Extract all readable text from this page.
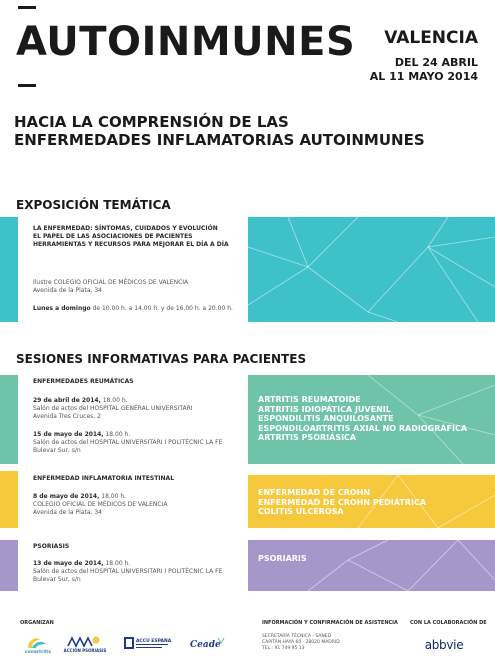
AUTOINMUNES VALENCIA
DEL 24 ABRIL
AL 11 MAYO 2014
HACIA LA COMPRENSIÓN DE LAS
ENFERMEDADES INFLAMATORIAS AUTOINMUNES
EXPOSICIÓN TEMÁTICA
LA ENFERMEDAD: SÍNTOMAS, CUIDADOS Y EVOLUCIÓN
EL PAPEL DE LAS ASOCIACIONES DE PACIENTES
HERRAMIENTAS Y RECURSOS PARA MEJORAR EL DÍA A DÍA
Ilustre COLEGIO OFICIAL DE MÉDICOS DE VALENCIA
Avenida de la Plata, 34
Lunes a domingo de 10.00 h. a 14.00 h. y de 16.00 h. a 20.00 h.
SESIONES INFORMATIVAS PARA PACIENTES
ENFERMEDADES REUMÁTICAS
29 de abril de 2014, 18.00 h.
Salón de actos del HOSPITAL GENERAL UNIVERSITARI
Avenida Tres Cruces, 2
15 de mayo de 2014, 18.00 h.
Salón de actos del HOSPITAL UNIVERSITARI I POLITÈCNIC LA FE
Bulevar Sur, s/n
ARTRITIS REUMATOIDE
ARTRITIS IDIOPÁTICA JUVENIL
ESPONDILITIS ANQUILOSANTE
ESPONDILOARTRITIS AXIAL NO RADIOGRÁFICA
ARTRITIS PSORIÁSICA
ENFERMEDAD INFLAMATORIA INTESTINAL
8 de mayo de 2014, 18.00 h.
COLEGIO OFICIAL DE MÉDICOS DE VALENCIA
Avenida de la Plata, 34
ENFERMEDAD DE CROHN
ENFERMEDAD DE CROHN PEDIÁTRICA
COLITIS ULCEROSA
PSORIASIS
13 de mayo de 2014, 18.00 h.
Salón de actos del HOSPITAL UNIVERSITARI I POLITÈCNIC LA FE
Bulevar Sur, s/n
PSORIARIS
ORGANIZAN
conartritis	ACCIÓN PSORIASIS
ACCU ESPAÑA Ceade
INFORMACIÓN Y CONFIRMACIÓN DE ASISTENCIA
SECRETARÍA TÉCNICA - SANED
CAPITÁN HAYA 60 · 28020 MADRID
TEL.: 91 749 95 13
CON LA COLABORACIÓN DE
abbvie
